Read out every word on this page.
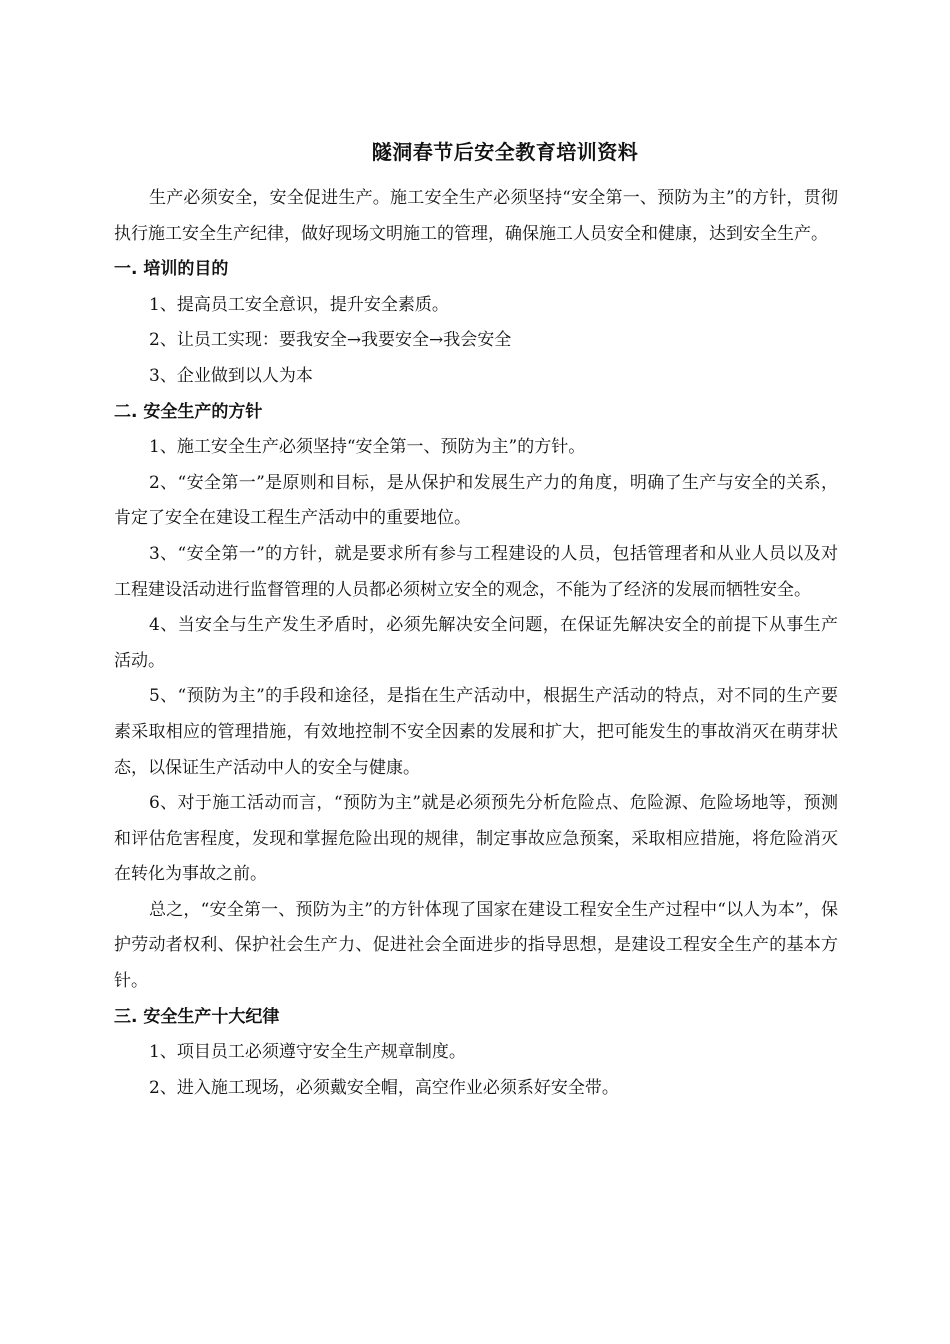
隧洞春节后安全教育培训资料

生产必须安全，安全促进生产。施工安全生产必须坚持“安全第一、预防为主”的方针，贯彻执行施工安全生产纪律，做好现场文明施工的管理，确保施工人员安全和健康，达到安全生产。

一. 培训的目的

1、提高员工安全意识，提升安全素质。

2、让员工实现：要我安全→我要安全→我会安全

3、企业做到以人为本

二. 安全生产的方针

1、施工安全生产必须坚持“安全第一、预防为主”的方针。

2、“安全第一”是原则和目标，是从保护和发展生产力的角度，明确了生产与安全的关系，肯定了安全在建设工程生产活动中的重要地位。

3、“安全第一”的方针，就是要求所有参与工程建设的人员，包括管理者和从业人员以及对工程建设活动进行监督管理的人员都必须树立安全的观念，不能为了经济的发展而牺牲安全。

4、当安全与生产发生矛盾时，必须先解决安全问题，在保证先解决安全的前提下从事生产活动。

5、“预防为主”的手段和途径，是指在生产活动中，根据生产活动的特点，对不同的生产要素采取相应的管理措施，有效地控制不安全因素的发展和扩大，把可能发生的事故消灭在萌芽状态，以保证生产活动中人的安全与健康。

6、对于施工活动而言，“预防为主”就是必须预先分析危险点、危险源、危险场地等，预测和评估危害程度，发现和掌握危险出现的规律，制定事故应急预案，采取相应措施，将危险消灭在转化为事故之前。

总之，“安全第一、预防为主”的方针体现了国家在建设工程安全生产过程中“以人为本”，保护劳动者权利、保护社会生产力、促进社会全面进步的指导思想，是建设工程安全生产的基本方针。

三. 安全生产十大纪律

1、项目员工必须遵守安全生产规章制度。

2、进入施工现场，必须戴安全帽，高空作业必须系好安全带。
